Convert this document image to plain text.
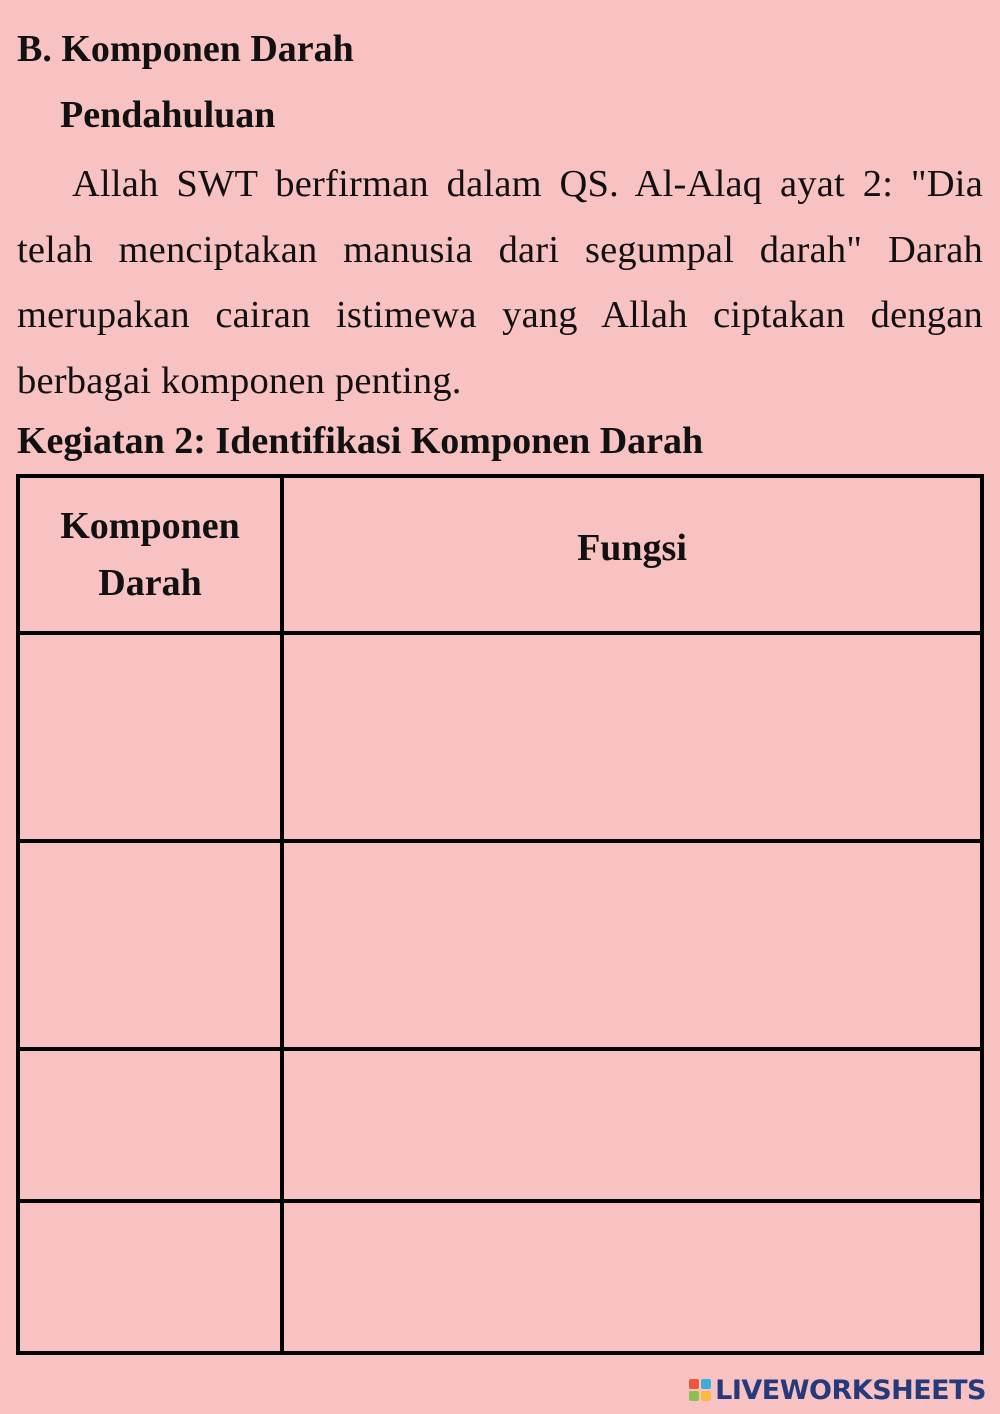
B. Komponen Darah
Pendahuluan

Allah SWT berfirman dalam QS. Al-Alaq ayat 2: "Dia telah menciptakan manusia dari segumpal darah" Darah merupakan cairan istimewa yang Allah ciptakan dengan berbagai komponen penting.

Kegiatan 2: Identifikasi Komponen Darah
Komponen Darah	Fungsi

LIVEWORKSHEETS
